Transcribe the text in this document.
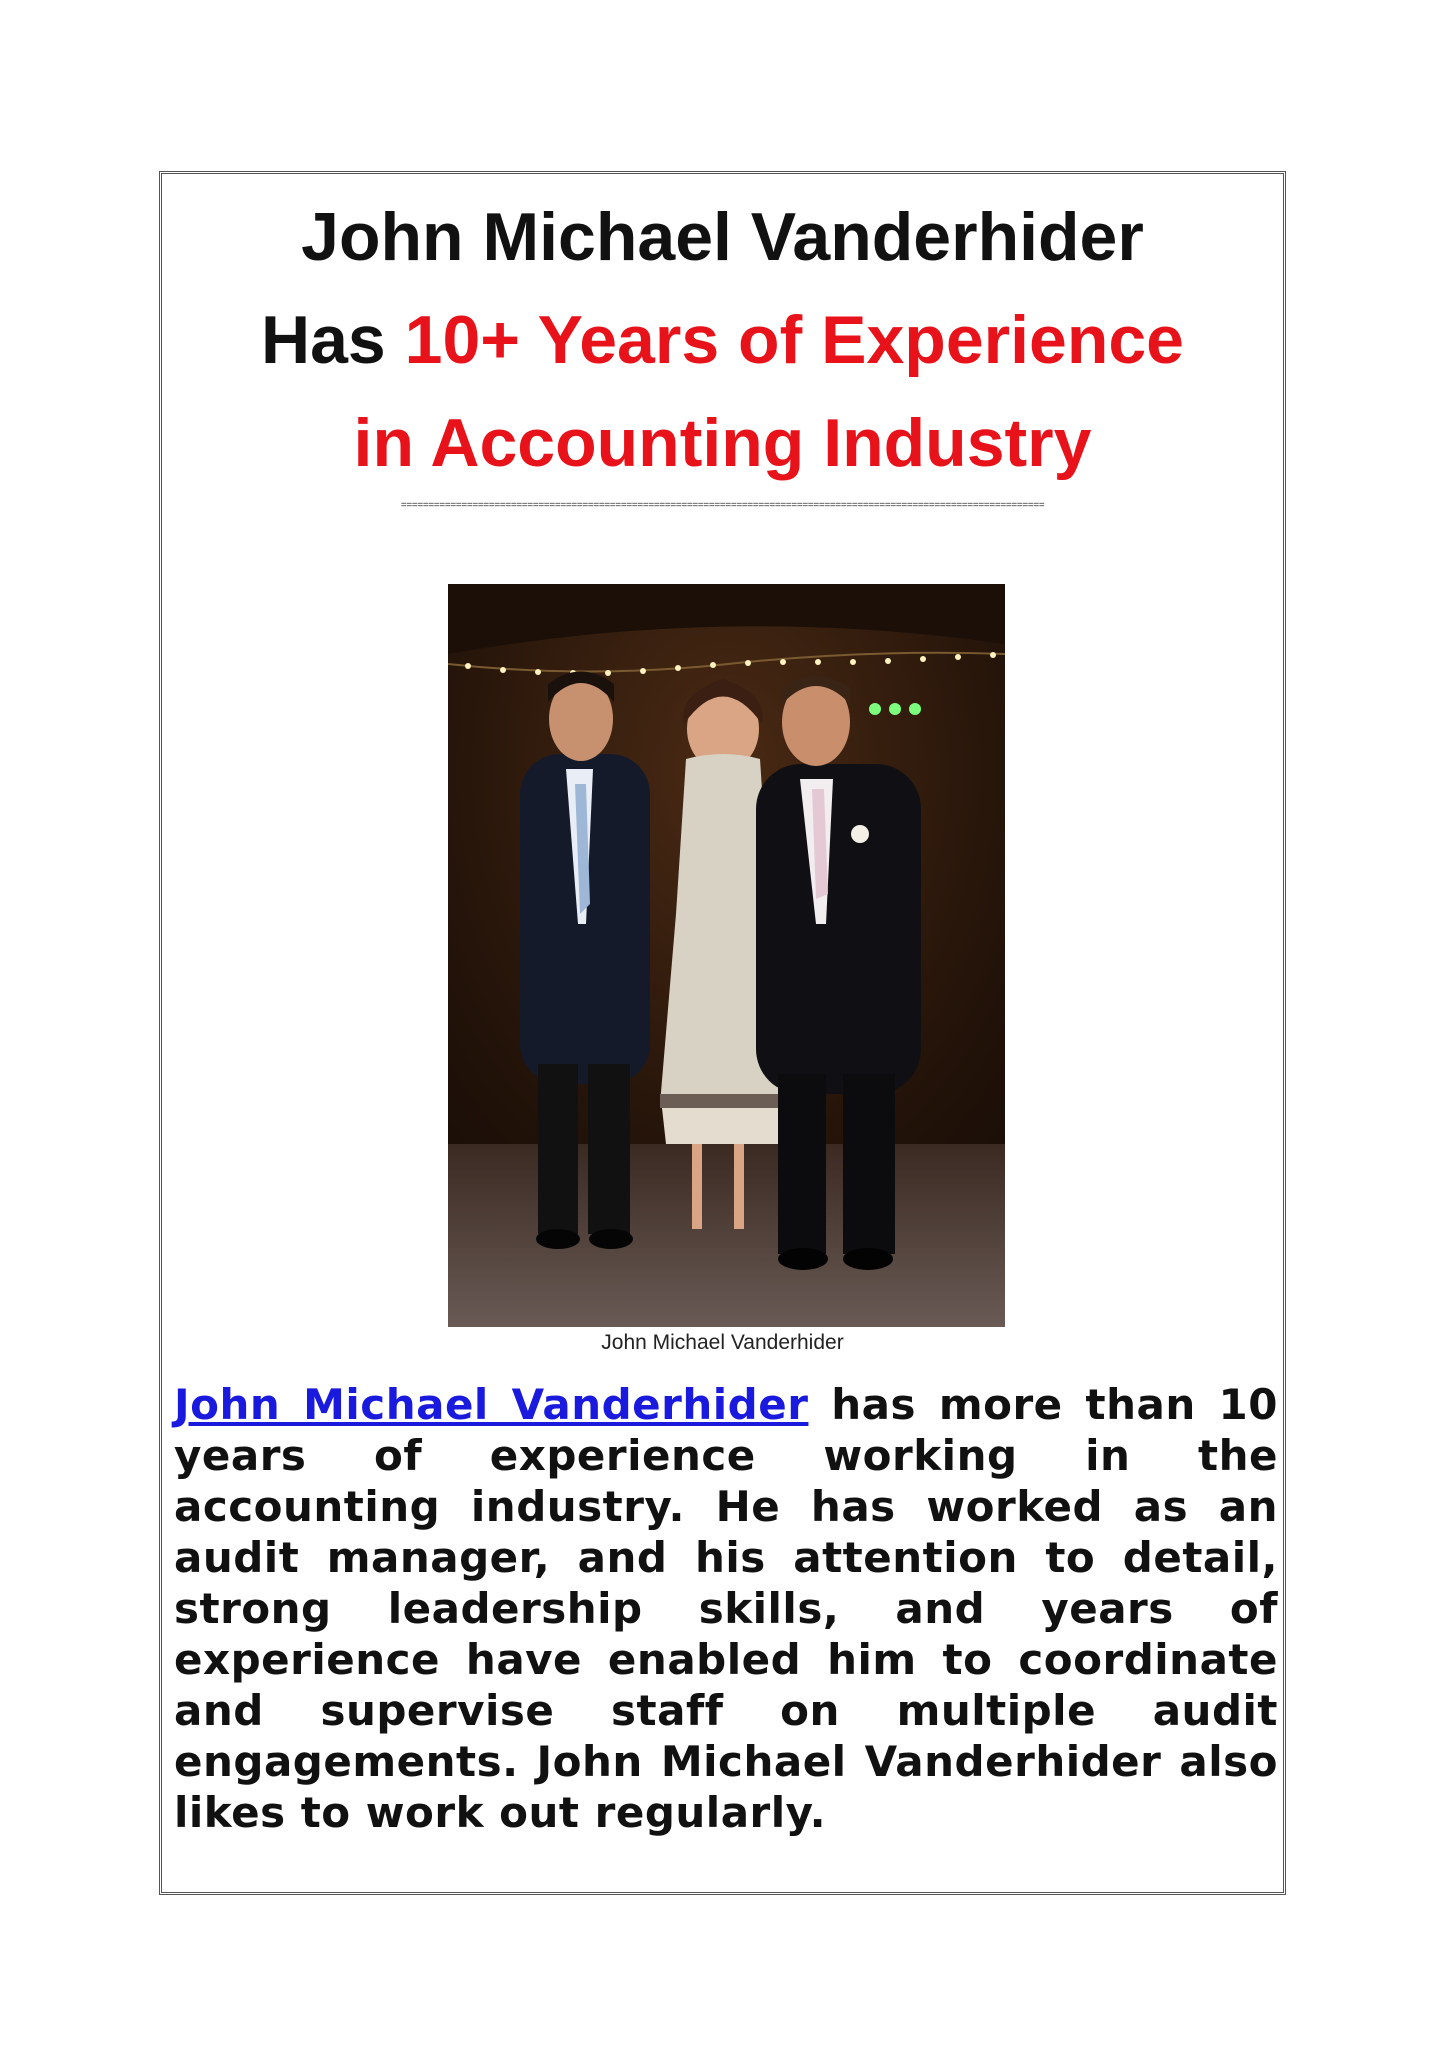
John Michael Vanderhider
Has 10+ Years of Experience
in Accounting Industry
=====================================================================================================================
John Michael Vanderhider
John Michael Vanderhider has more than 10 years of experience working in the accounting industry. He has worked as an audit manager, and his attention to detail, strong leadership skills, and years of experience have enabled him to coordinate and supervise staff on multiple audit engagements. John Michael Vanderhider also likes to work out regularly.
